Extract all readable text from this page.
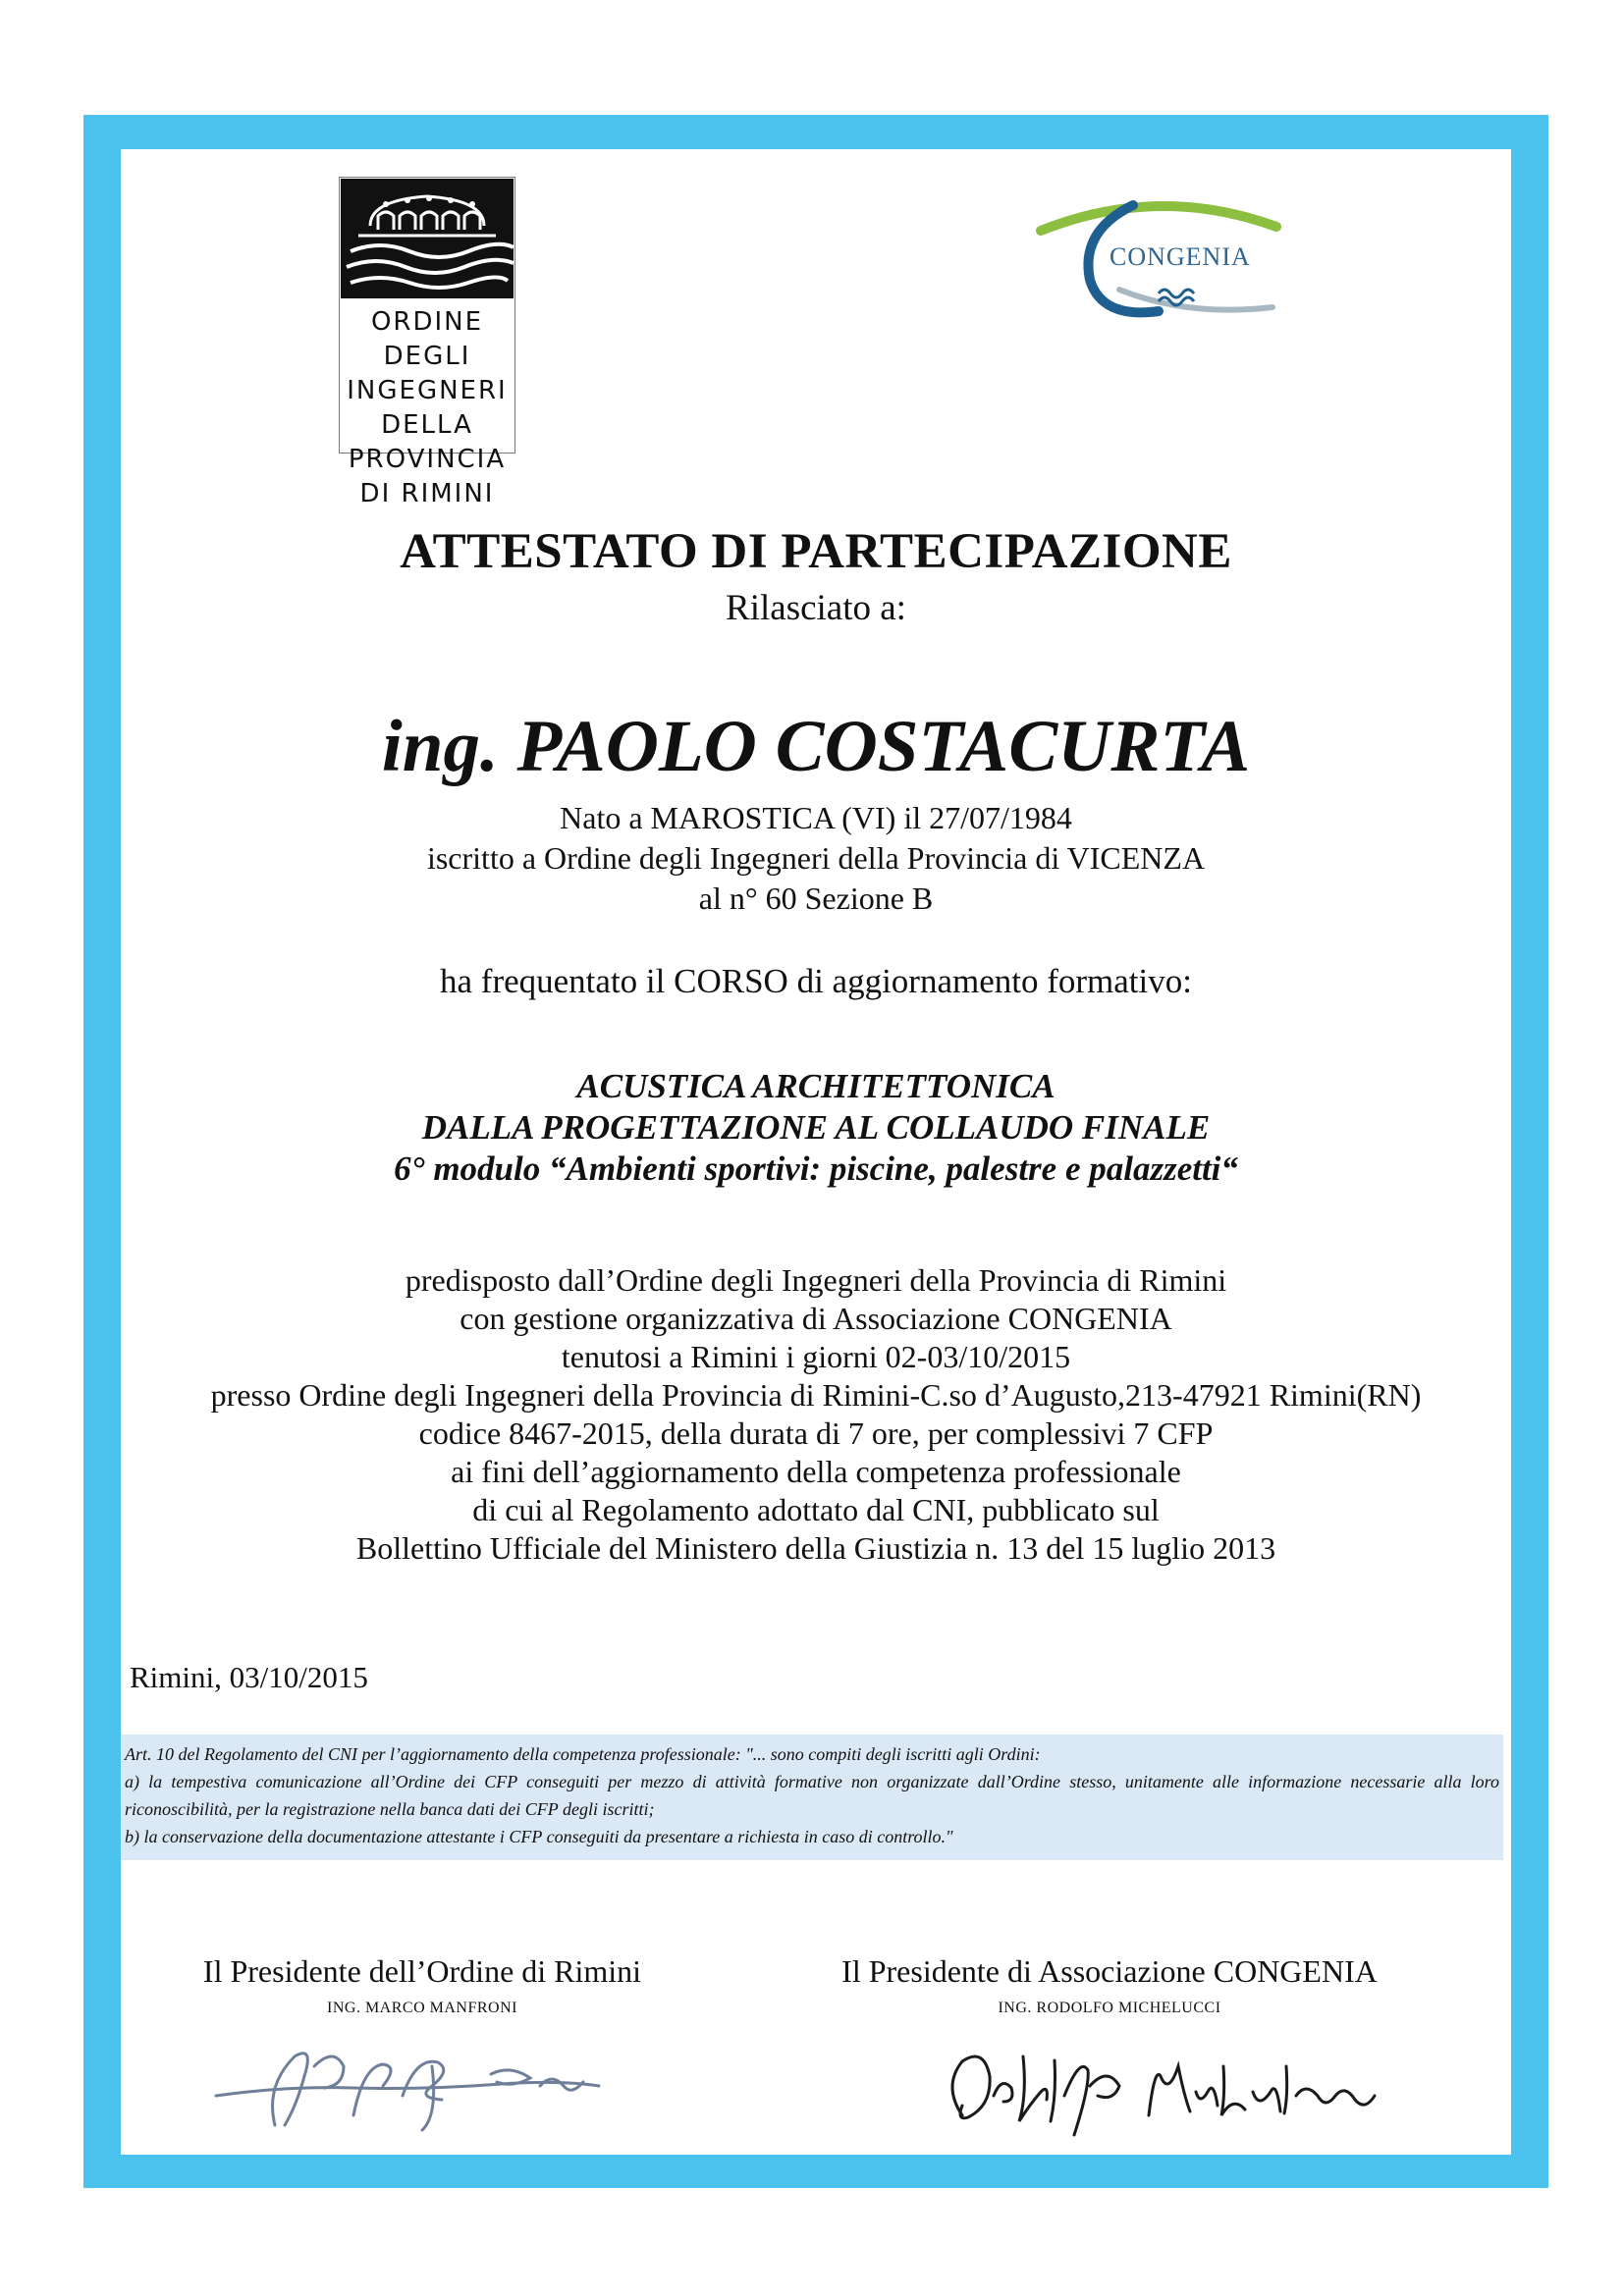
ORDINE DEGLI
INGEGNERI
DELLA PROVINCIA
DI RIMINI
CONGENIA
ATTESTATO DI PARTECIPAZIONE
Rilasciato a:
ing. PAOLO COSTACURTA
Nato a MAROSTICA (VI) il 27/07/1984
iscritto a Ordine degli Ingegneri della Provincia di VICENZA
al n° 60 Sezione B
ha frequentato il CORSO di aggiornamento formativo:
ACUSTICA ARCHITETTONICA
DALLA PROGETTAZIONE AL COLLAUDO FINALE
6° modulo “Ambienti sportivi: piscine, palestre e palazzetti“
predisposto dall’Ordine degli Ingegneri della Provincia di Rimini
con gestione organizzativa di Associazione CONGENIA
tenutosi a Rimini i giorni 02-03/10/2015
presso Ordine degli Ingegneri della Provincia di Rimini-C.so d’Augusto,213-47921 Rimini(RN)
codice 8467-2015, della durata di 7 ore, per complessivi 7 CFP
ai fini dell’aggiornamento della competenza professionale
di cui al Regolamento adottato dal CNI, pubblicato sul
Bollettino Ufficiale del Ministero della Giustizia n. 13 del 15 luglio 2013
Rimini, 03/10/2015
Art. 10 del Regolamento del CNI per l’aggiornamento della competenza professionale: "... sono compiti degli iscritti agli Ordini:
a) la tempestiva comunicazione all’Ordine dei CFP conseguiti per mezzo di attività formative non organizzate dall’Ordine stesso, unitamente alle informazione necessarie alla loro riconoscibilità, per la registrazione nella banca dati dei CFP degli iscritti;
b) la conservazione della documentazione attestante i CFP conseguiti da presentare a richiesta in caso di controllo."
Il Presidente dell’Ordine di Rimini
ING. MARCO MANFRONI
Il Presidente di Associazione CONGENIA
ING. RODOLFO MICHELUCCI
